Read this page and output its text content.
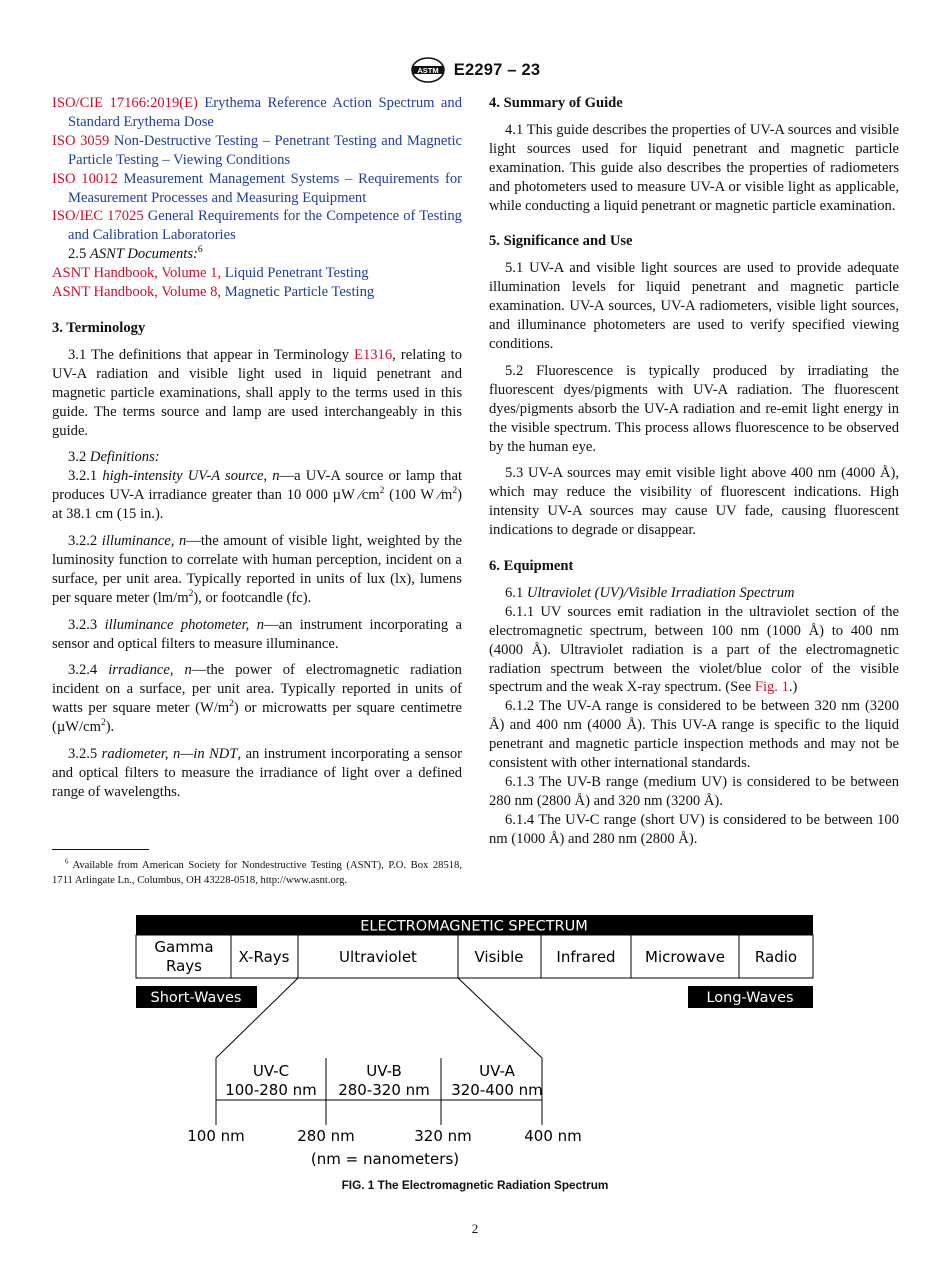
ASTM E2297 – 23
ISO/CIE 17166:2019(E) Erythema Reference Action Spectrum and Standard Erythema Dose
ISO 3059 Non-Destructive Testing – Penetrant Testing and Magnetic Particle Testing – Viewing Conditions
ISO 10012 Measurement Management Systems – Requirements for Measurement Processes and Measuring Equipment
ISO/IEC 17025 General Requirements for the Competence of Testing and Calibration Laboratories
2.5 ASNT Documents:$^6$
ASNT Handbook, Volume 1, Liquid Penetrant Testing
ASNT Handbook, Volume 8, Magnetic Particle Testing
3. Terminology
3.1 The definitions that appear in Terminology E1316, relating to UV-A radiation and visible light used in liquid penetrant and magnetic particle examinations, shall apply to the terms used in this guide. The terms source and lamp are used interchangeably in this guide.
3.2 Definitions:
3.2.1 high-intensity UV-A source, n—a UV-A source or lamp that produces UV-A irradiance greater than 10 000 µW $⁄cm^2$ (100 W $⁄m^2$) at 38.1 cm (15 in.).
3.2.2 illuminance, n—the amount of visible light, weighted by the luminosity function to correlate with human perception, incident on a surface, per unit area. Typically reported in units of lux (lx), lumens per square meter $(lm/m^2)$, or footcandle (fc).
3.2.3 illuminance photometer, n—an instrument incorporating a sensor and optical filters to measure illuminance.
3.2.4 irradiance, n—the power of electromagnetic radiation incident on a surface, per unit area. Typically reported in units of watts per square meter $(W/m^2)$ or microwatts per square centimetre $(\mu W/cm^2)$.
3.2.5 radiometer, n—in NDT, an instrument incorporating a sensor and optical filters to measure the irradiance of light over a defined range of wavelengths.
$^6$ Available from American Society for Nondestructive Testing (ASNT), P.O. Box 28518, 1711 Arlingate Ln., Columbus, OH 43228-0518, http://www.asnt.org.
4. Summary of Guide
4.1 This guide describes the properties of UV-A sources and visible light sources used for liquid penetrant and magnetic particle examination. This guide also describes the properties of radiometers and photometers used to measure UV-A or visible light as applicable, while conducting a liquid penetrant or magnetic particle examination.
5. Significance and Use
5.1 UV-A and visible light sources are used to provide adequate illumination levels for liquid penetrant and magnetic particle examination. UV-A sources, UV-A radiometers, visible light sources, and illuminance photometers are used to verify specified viewing conditions.
5.2 Fluorescence is typically produced by irradiating the fluorescent dyes/pigments with UV-A radiation. The fluorescent dyes/pigments absorb the UV-A radiation and re-emit light energy in the visible spectrum. This process allows fluorescence to be observed by the human eye.
5.3 UV-A sources may emit visible light above 400 nm (4000 Å), which may reduce the visibility of fluorescent indications. High intensity UV-A sources may cause UV fade, causing fluorescent indications to degrade or disappear.
6. Equipment
6.1 Ultraviolet (UV)/Visible Irradiation Spectrum
6.1.1 UV sources emit radiation in the ultraviolet section of the electromagnetic spectrum, between 100 nm (1000 Å) to 400 nm (4000 Å). Ultraviolet radiation is a part of the electromagnetic radiation spectrum between the violet/blue color of the visible spectrum and the weak X-ray spectrum. (See Fig. 1.)
6.1.2 The UV-A range is considered to be between 320 nm (3200 Å) and 400 nm (4000 Å). This UV-A range is specific to the liquid penetrant and magnetic particle inspection methods and may not be consistent with other international standards.
6.1.3 The UV-B range (medium UV) is considered to be between 280 nm (2800 Å) and 320 nm (3200 Å).
6.1.4 The UV-C range (short UV) is considered to be between 100 nm (1000 Å) and 280 nm (2800 Å).
ELECTROMAGNETIC SPECTRUM
Gamma
Rays X-Rays	Ultraviolet	Visible Infrared Microwave Radio
Short-Waves	Long-Waves
UV-C
100-280 nm
UV-B
280-320 nm
UV-A
320-400 nm
100 nm	280 nm	320 nm	400 nm
(nm = nanometers)
FIG. 1 The Electromagnetic Radiation Spectrum
2
